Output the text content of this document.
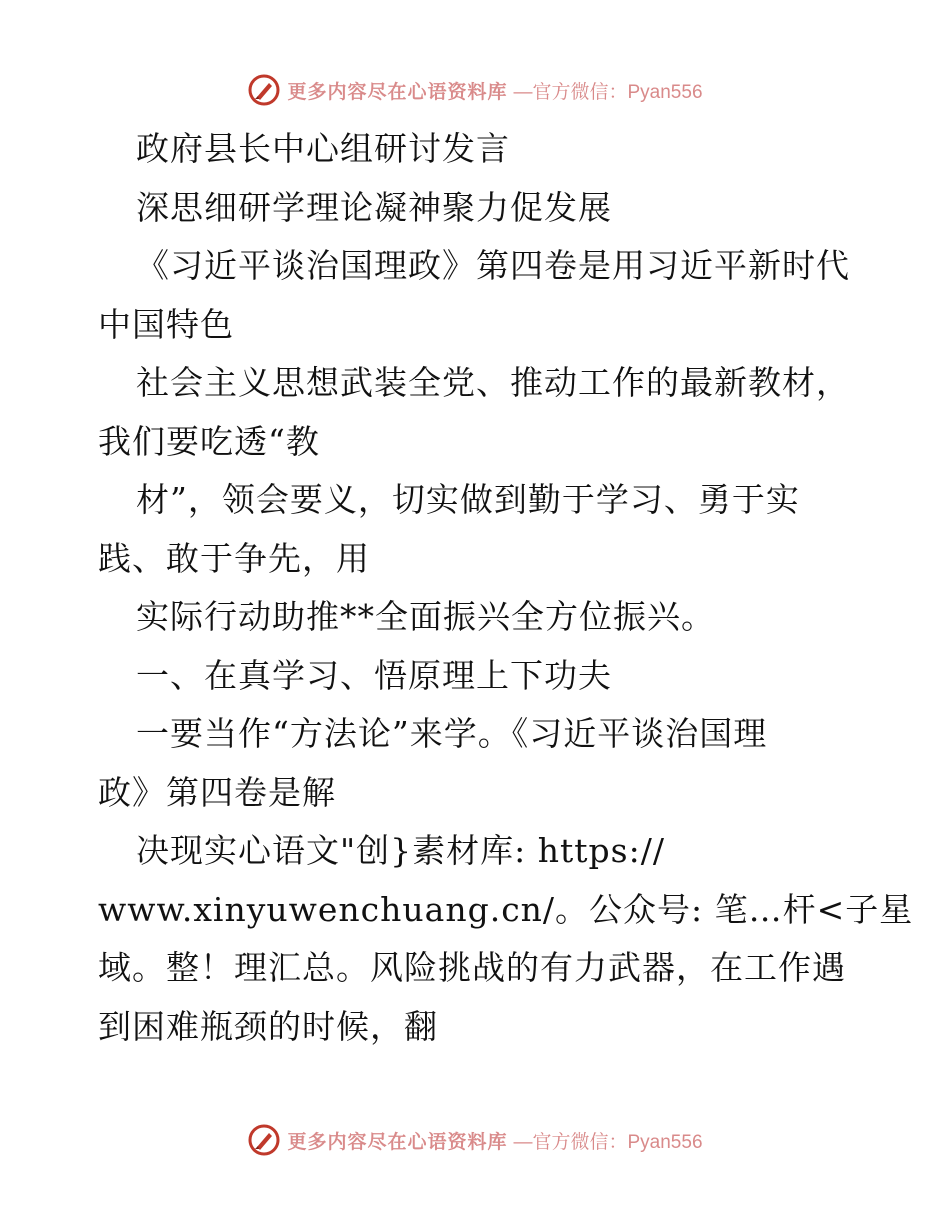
更多内容尽在心语资料库 —官方微信：Pyan556
政府县长中心组研讨发言
深思细研学理论凝神聚力促发展
《习近平谈治国理政》第四卷是用习近平新时代
中国特色
社会主义思想武装全党、推动工作的最新教材，
我们要吃透“教
材”，领会要义，切实做到勤于学习、勇于实
践、敢于争先，用
实际行动助推**全面振兴全方位振兴。
一、在真学习、悟原理上下功夫
一要当作“方法论”来学。《习近平谈治国理
政》第四卷是解
决现实心语文"创}素材库: https://
www.xinyuwenchuang.cn/。公众号: 笔…杆<子星
域。整！理汇总。风险挑战的有力武器，在工作遇
到困难瓶颈的时候，翻
更多内容尽在心语资料库 —官方微信：Pyan556
